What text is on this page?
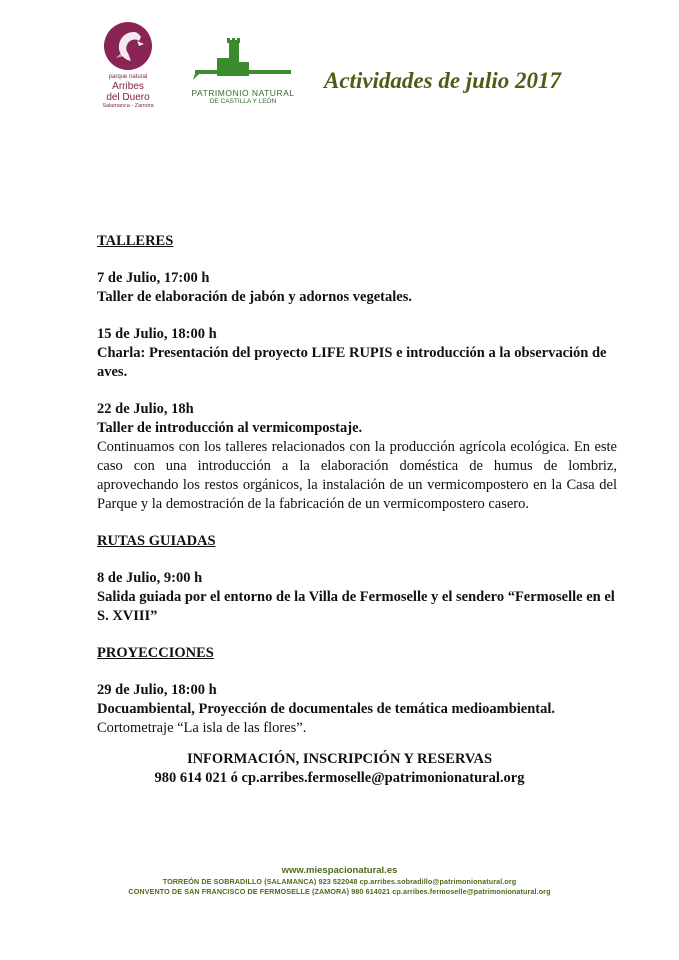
parque natural
Arribes
del Duero
Salamanca - Zamora
PATRIMONIO NATURAL
DE CASTILLA Y LEÓN
Actividades de julio 2017

TALLERES

7 de Julio, 17:00 h

Taller de elaboración de jabón y adornos vegetales.

15 de Julio, 18:00 h

Charla: Presentación del proyecto LIFE RUPIS e introducción a la observación de aves.

22 de Julio, 18h

Taller de introducción al vermicompostaje.

Continuamos con los talleres relacionados con la producción agrícola ecológica. En este caso con una introducción a la elaboración doméstica de humus de lombriz, aprovechando los restos orgánicos, la instalación de un vermicompostero en la Casa del Parque y la demostración de la fabricación de un vermicompostero casero.

RUTAS GUIADAS

8 de Julio, 9:00 h

Salida guiada por el entorno de la Villa de Fermoselle y el sendero “Fermoselle en el S. XVIII”

PROYECCIONES

29 de Julio, 18:00 h

Docuambiental, Proyección de documentales de temática medioambiental.

Cortometraje “La isla de las flores”.

INFORMACIÓN, INSCRIPCIÓN Y RESERVAS

980 614 021 ó cp.arribes.fermoselle@patrimonionatural.org

www.miespacionatural.es

TORREÓN DE SOBRADILLO (SALAMANCA) 923 522048 cp.arribes.sobradillo@patrimonionatural.org

CONVENTO DE SAN FRANCISCO DE FERMOSELLE (ZAMORA) 980 614021 cp.arribes.fermoselle@patrimonionatural.org
